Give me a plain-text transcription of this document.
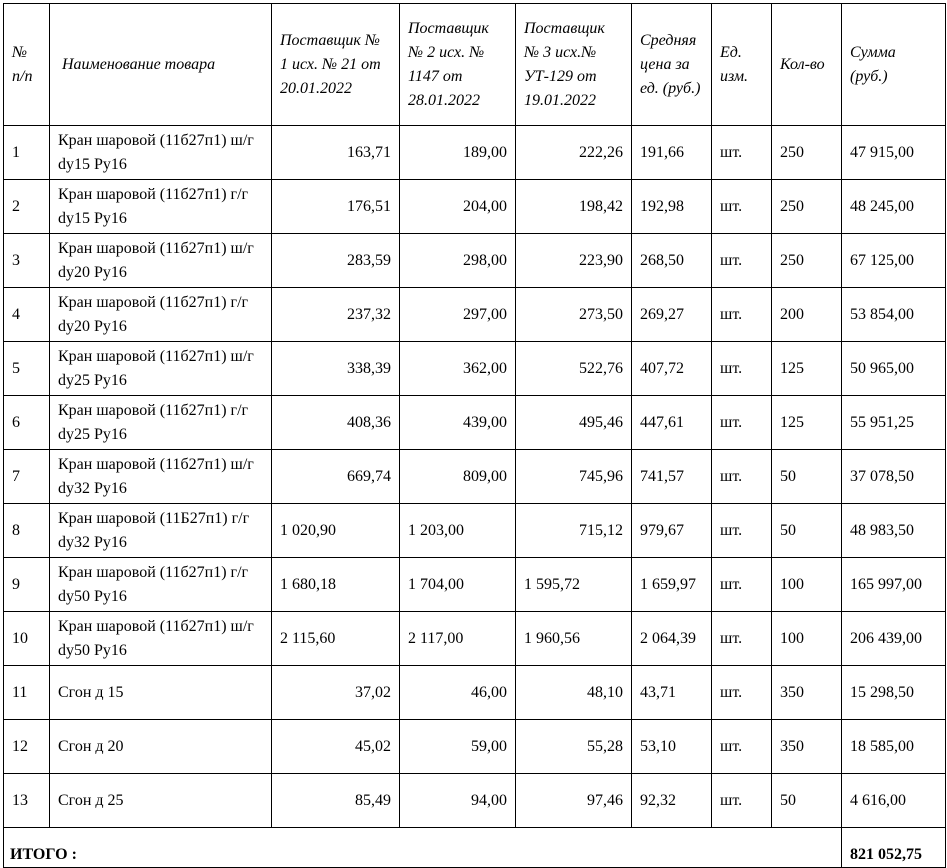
№ п/п	Наименование товара	Поставщик № 1 исх. № 21 от 20.01.2022	Поставщик № 2 исх. № 1147 от 28.01.2022	Поставщик № 3 исх.№ УТ-129 от 19.01.2022	Средняя цена за ед. (руб.)	Ед. изм.	Кол-во	Сумма (руб.)
1	Кран шаровой (11б27п1) ш/г dу15 Ру16	163,71	189,00	222,26	191,66	шт.	250	47 915,00
2	Кран шаровой (11б27п1) г/г dу15 Ру16	176,51	204,00	198,42	192,98	шт.	250	48 245,00
3	Кран шаровой (11б27п1) ш/г dу20 Ру16	283,59	298,00	223,90	268,50	шт.	250	67 125,00
4	Кран шаровой (11б27п1) г/г dу20 Ру16	237,32	297,00	273,50	269,27	шт.	200	53 854,00
5	Кран шаровой (11б27п1) ш/г dу25 Ру16	338,39	362,00	522,76	407,72	шт.	125	50 965,00
6	Кран шаровой (11б27п1) г/г dу25 Ру16	408,36	439,00	495,46	447,61	шт.	125	55 951,25
7	Кран шаровой (11б27п1) ш/г dу32 Ру16	669,74	809,00	745,96	741,57	шт.	50	37 078,50
8	Кран шаровой (11Б27п1) г/г dу32 Ру16	1 020,90	1 203,00	715,12	979,67	шт.	50	48 983,50
9	Кран шаровой (11б27п1) г/г dу50 Ру16	1 680,18	1 704,00	1 595,72	1 659,97	шт.	100	165 997,00
10	Кран шаровой (11б27п1) ш/г dу50 Ру16	2 115,60	2 117,00	1 960,56	2 064,39	шт.	100	206 439,00
11	Сгон д 15	37,02	46,00	48,10	43,71	шт.	350	15 298,50
12	Сгон д 20	45,02	59,00	55,28	53,10	шт.	350	18 585,00
13	Сгон д 25	85,49	94,00	97,46	92,32	шт.	50	4 616,00
ИТОГО :								821 052,75
